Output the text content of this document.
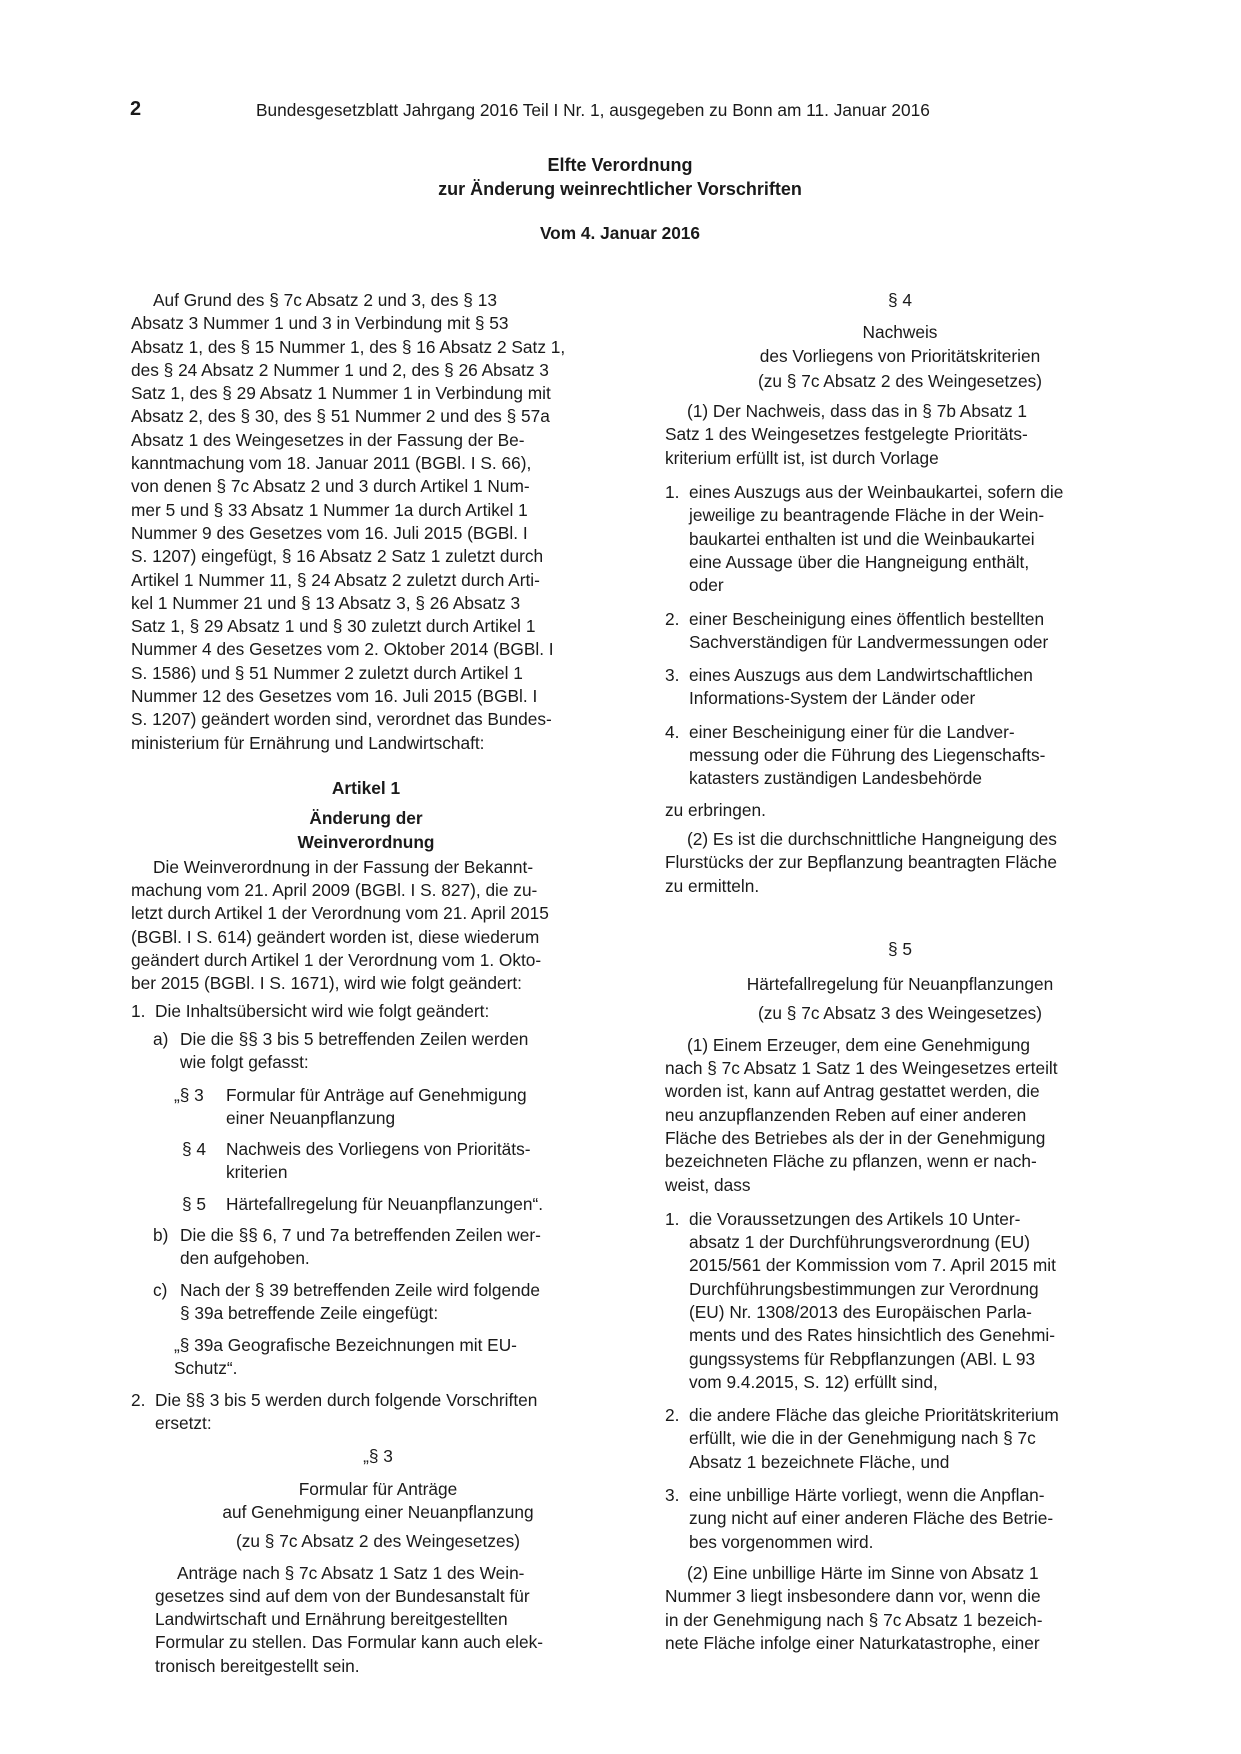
2	Bundesgesetzblatt Jahrgang 2016 Teil I Nr. 1, ausgegeben zu Bonn am 11. Januar 2016
Elfte Verordnung
zur Änderung weinrechtlicher Vorschriften
Vom 4. Januar 2016

Auf Grund des § 7c Absatz 2 und 3, des § 13
Absatz 3 Nummer 1 und 3 in Verbindung mit § 53
Absatz 1, des § 15 Nummer 1, des § 16 Absatz 2 Satz 1,
des § 24 Absatz 2 Nummer 1 und 2, des § 26 Absatz 3
Satz 1, des § 29 Absatz 1 Nummer 1 in Verbindung mit
Absatz 2, des § 30, des § 51 Nummer 2 und des § 57a
Absatz 1 des Weingesetzes in der Fassung der Be-
kanntmachung vom 18. Januar 2011 (BGBl. I S. 66),
von denen § 7c Absatz 2 und 3 durch Artikel 1 Num-
mer 5 und § 33 Absatz 1 Nummer 1a durch Artikel 1
Nummer 9 des Gesetzes vom 16. Juli 2015 (BGBl. I
S. 1207) eingefügt, § 16 Absatz 2 Satz 1 zuletzt durch
Artikel 1 Nummer 11, § 24 Absatz 2 zuletzt durch Arti-
kel 1 Nummer 21 und § 13 Absatz 3, § 26 Absatz 3
Satz 1, § 29 Absatz 1 und § 30 zuletzt durch Artikel 1
Nummer 4 des Gesetzes vom 2. Oktober 2014 (BGBl. I
S. 1586) und § 51 Nummer 2 zuletzt durch Artikel 1
Nummer 12 des Gesetzes vom 16. Juli 2015 (BGBl. I
S. 1207) geändert worden sind, verordnet das Bundes-
ministerium für Ernährung und Landwirtschaft:

Artikel 1

Änderung der
Weinverordnung

Die Weinverordnung in der Fassung der Bekannt-
machung vom 21. April 2009 (BGBl. I S. 827), die zu-
letzt durch Artikel 1 der Verordnung vom 21. April 2015
(BGBl. I S. 614) geändert worden ist, diese wiederum
geändert durch Artikel 1 der Verordnung vom 1. Okto-
ber 2015 (BGBl. I S. 1671), wird wie folgt geändert:

1. Die Inhaltsübersicht wird wie folgt geändert:
a) Die die §§ 3 bis 5 betreffenden Zeilen werden
wie folgt gefasst:
„§ 3 Formular für Anträge auf Genehmigung
einer Neuanpflanzung
§ 4 Nachweis des Vorliegens von Prioritäts-
kriterien
§ 5 Härtefallregelung für Neuanpflanzungen“.
b) Die die §§ 6, 7 und 7a betreffenden Zeilen wer-
den aufgehoben.
c) Nach der § 39 betreffenden Zeile wird folgende
§ 39a betreffende Zeile eingefügt:

„§ 39a Geografische Bezeichnungen mit EU-
Schutz“.

2. Die §§ 3 bis 5 werden durch folgende Vorschriften
ersetzt:

„§ 3

Formular für Anträge
auf Genehmigung einer Neuanpflanzung

(zu § 7c Absatz 2 des Weingesetzes)

Anträge nach § 7c Absatz 1 Satz 1 des Wein-
gesetzes sind auf dem von der Bundesanstalt für
Landwirtschaft und Ernährung bereitgestellten
Formular zu stellen. Das Formular kann auch elek-
tronisch bereitgestellt sein.

§ 4

Nachweis
des Vorliegens von Prioritätskriterien

(zu § 7c Absatz 2 des Weingesetzes)

(1) Der Nachweis, dass das in § 7b Absatz 1
Satz 1 des Weingesetzes festgelegte Prioritäts-
kriterium erfüllt ist, ist durch Vorlage

1. eines Auszugs aus der Weinbaukartei, sofern die
jeweilige zu beantragende Fläche in der Wein-
baukartei enthalten ist und die Weinbaukartei
eine Aussage über die Hangneigung enthält,
oder
2. einer Bescheinigung eines öffentlich bestellten
Sachverständigen für Landvermessungen oder
3. eines Auszugs aus dem Landwirtschaftlichen
Informations-System der Länder oder
4. einer Bescheinigung einer für die Landver-
messung oder die Führung des Liegenschafts-
katasters zuständigen Landesbehörde

zu erbringen.

(2) Es ist die durchschnittliche Hangneigung des
Flurstücks der zur Bepflanzung beantragten Fläche
zu ermitteln.

§ 5

Härtefallregelung für Neuanpflanzungen

(zu § 7c Absatz 3 des Weingesetzes)

(1) Einem Erzeuger, dem eine Genehmigung
nach § 7c Absatz 1 Satz 1 des Weingesetzes erteilt
worden ist, kann auf Antrag gestattet werden, die
neu anzupflanzenden Reben auf einer anderen
Fläche des Betriebes als der in der Genehmigung
bezeichneten Fläche zu pflanzen, wenn er nach-
weist, dass

1. die Voraussetzungen des Artikels 10 Unter-
absatz 1 der Durchführungsverordnung (EU)
2015/561 der Kommission vom 7. April 2015 mit
Durchführungsbestimmungen zur Verordnung
(EU) Nr. 1308/2013 des Europäischen Parla-
ments und des Rates hinsichtlich des Genehmi-
gungssystems für Rebpflanzungen (ABl. L 93
vom 9.4.2015, S. 12) erfüllt sind,
2. die andere Fläche das gleiche Prioritätskriterium
erfüllt, wie die in der Genehmigung nach § 7c
Absatz 1 bezeichnete Fläche, und
3. eine unbillige Härte vorliegt, wenn die Anpflan-
zung nicht auf einer anderen Fläche des Betrie-
bes vorgenommen wird.

(2) Eine unbillige Härte im Sinne von Absatz 1
Nummer 3 liegt insbesondere dann vor, wenn die
in der Genehmigung nach § 7c Absatz 1 bezeich-
nete Fläche infolge einer Naturkatastrophe, einer
